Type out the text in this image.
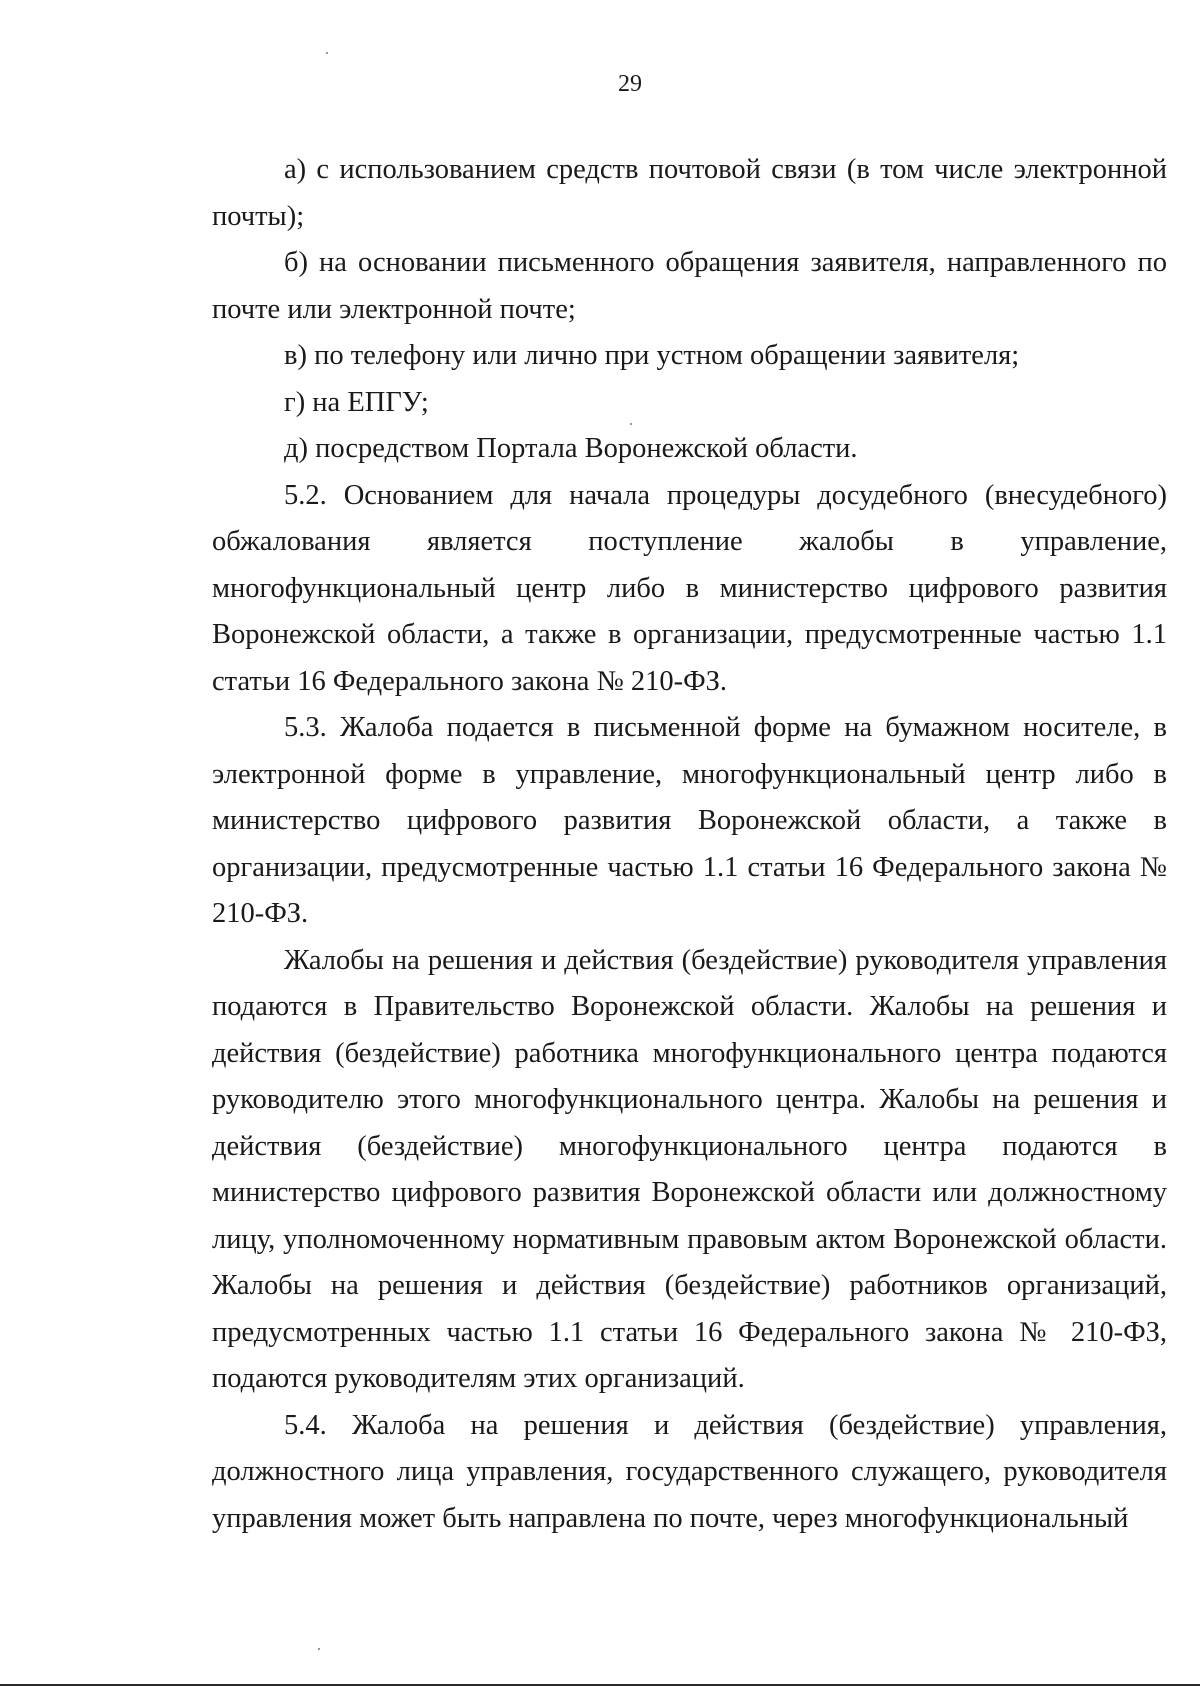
29

а) с использованием средств почтовой связи (в том числе электронной почты);

б) на основании письменного обращения заявителя, направленного по почте или электронной почте;

в) по телефону или лично при устном обращении заявителя;

г) на ЕПГУ;

д) посредством Портала Воронежской области.

5.2. Основанием для начала процедуры досудебного (внесудебного) обжалования является поступление жалобы в управление, многофункциональный центр либо в министерство цифрового развития Воронежской области, а также в организации, предусмотренные частью 1.1 статьи 16 Федерального закона № 210-ФЗ.

5.3. Жалоба подается в письменной форме на бумажном носителе, в электронной форме в управление, многофункциональный центр либо в министерство цифрового развития Воронежской области, а также в организации, предусмотренные частью 1.1 статьи 16 Федерального закона № 210-ФЗ.

Жалобы на решения и действия (бездействие) руководителя управления подаются в Правительство Воронежской области. Жалобы на решения и действия (бездействие) работника многофункционального центра подаются руководителю этого многофункционального центра. Жалобы на решения и действия (бездействие) многофункционального центра подаются в министерство цифрового развития Воронежской области или должностному лицу, уполномоченному нормативным правовым актом Воронежской области. Жалобы на решения и действия (бездействие) работников организаций, предусмотренных частью 1.1 статьи 16 Федерального закона № 210-ФЗ, подаются руководителям этих организаций.

5.4. Жалоба на решения и действия (бездействие) управления, должностного лица управления, государственного служащего, руководителя управления может быть направлена по почте, через многофункциональный
